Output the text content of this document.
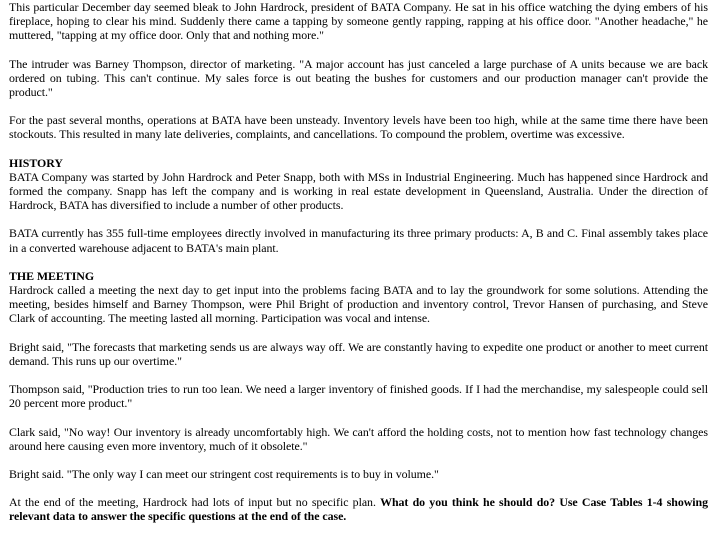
This particular December day seemed bleak to John Hardrock, president of BATA Company. He sat in his office watching the dying embers of his fireplace, hoping to clear his mind. Suddenly there came a tapping by someone gently rapping, rapping at his office door. "Another headache," he muttered, "tapping at my office door. Only that and nothing more."

The intruder was Barney Thompson, director of marketing. "A major account has just canceled a large purchase of A units because we are back ordered on tubing. This can't continue. My sales force is out beating the bushes for customers and our production manager can't provide the product."

For the past several months, operations at BATA have been unsteady. Inventory levels have been too high, while at the same time there have been stockouts. This resulted in many late deliveries, complaints, and cancellations. To compound the problem, overtime was excessive.

HISTORY

BATA Company was started by John Hardrock and Peter Snapp, both with MSs in Industrial Engineering. Much has happened since Hardrock and formed the company. Snapp has left the company and is working in real estate development in Queensland, Australia. Under the direction of Hardrock, BATA has diversified to include a number of other products.

BATA currently has 355 full-time employees directly involved in manufacturing its three primary products: A, B and C. Final assembly takes place in a converted warehouse adjacent to BATA's main plant.

THE MEETING

Hardrock called a meeting the next day to get input into the problems facing BATA and to lay the groundwork for some solutions. Attending the meeting, besides himself and Barney Thompson, were Phil Bright of production and inventory control, Trevor Hansen of purchasing, and Steve Clark of accounting. The meeting lasted all morning. Participation was vocal and intense.

Bright said, "The forecasts that marketing sends us are always way off. We are constantly having to expedite one product or another to meet current demand. This runs up our overtime."

Thompson said, "Production tries to run too lean. We need a larger inventory of finished goods. If I had the merchandise, my salespeople could sell 20 percent more product."

Clark said, "No way! Our inventory is already uncomfortably high. We can't afford the holding costs, not to mention how fast technology changes around here causing even more inventory, much of it obsolete."

Bright said. "The only way I can meet our stringent cost requirements is to buy in volume."

At the end of the meeting, Hardrock had lots of input but no specific plan. What do you think he should do? Use Case Tables 1-4 showing relevant data to answer the specific questions at the end of the case.
